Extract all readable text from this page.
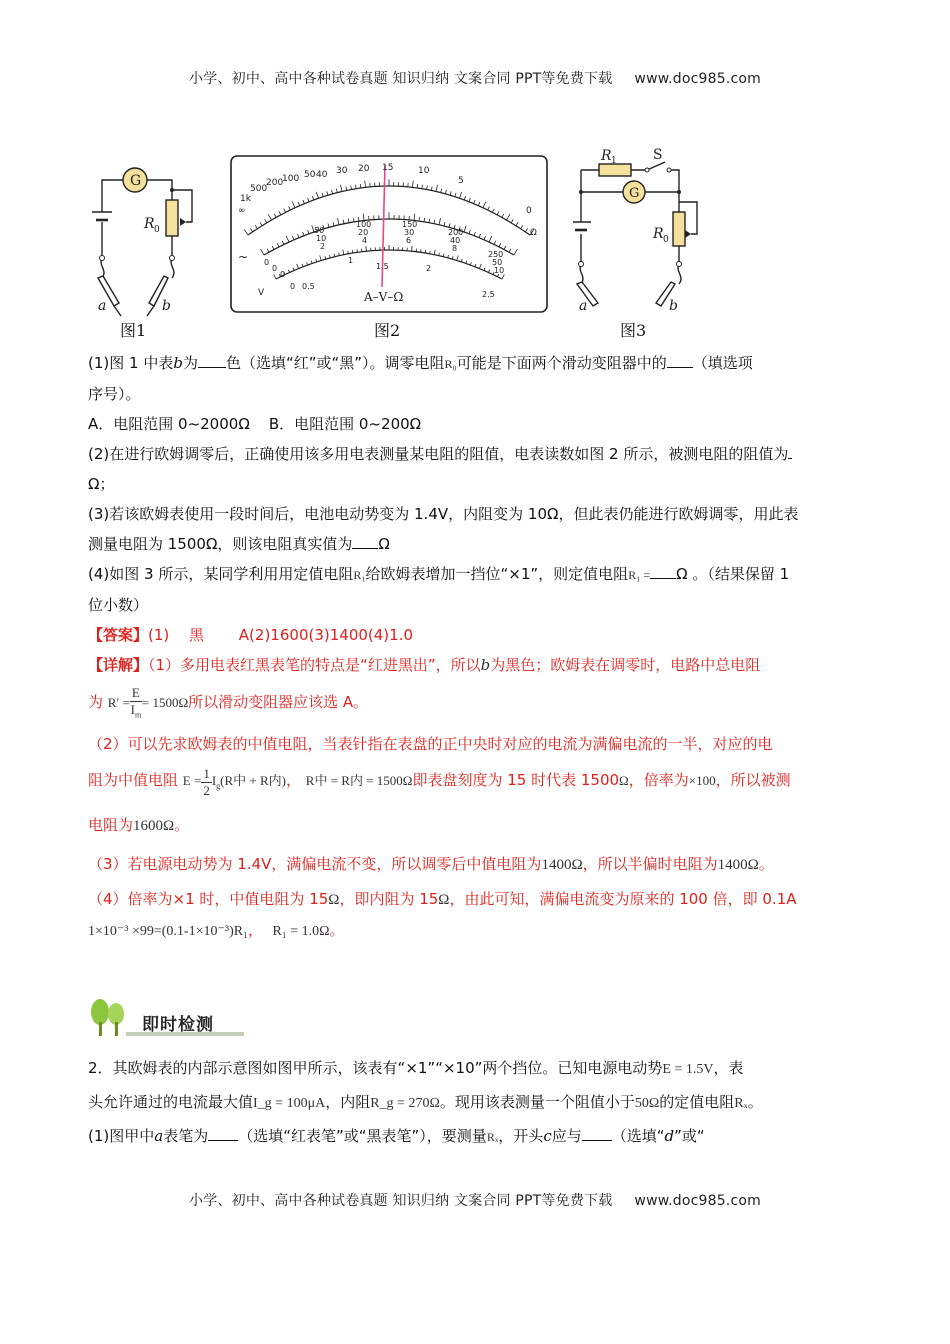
小学、初中、高中各种试卷真题 知识归纳 文案合同 PPT等免费下载 www.doc985.com
G
R 0
a	b
图1
1k
500
200
100 50 40 30 20 15	10
5
0
∞
Ω
0
50
100	150
200
250
0
10
20	30
40
50
0
2
4	6
8
10
0 0.5
1
1.5	2
2.5
~
V	A–V–Ω
图2
G
R 1	S
R 0
a	b
图3

(1)图 1 中表b为 色（选填“红”或“黑”）。调零电阻R₀可能是下面两个滑动变阻器中的 （填选项

序号）。

A．电阻范围 0~2000Ω B．电阻范围 0~200Ω

(2)在进行欧姆调零后，正确使用该多用电表测量某电阻的阻值，电表读数如图 2 所示，被测电阻的阻值为

Ω；

(3)若该欧姆表使用一段时间后，电池电动势变为 1.4V，内阻变为 10Ω，但此表仍能进行欧姆调零，用此表

测量电阻为 1500Ω，则该电阻真实值为 Ω

(4)如图 3 所示，某同学利用用定值电阻R₁给欧姆表增加一挡位“×1”，则定值电阻R₁ = Ω 。（结果保留 1

位小数）

【答案】(1)　 黑　　 A(2)1600(3)1400(4)1.0

【详解】（1）多用电表红黑表笔的特点是“红进黑出”，所以b为黑色；欧姆表在调零时，电路中总电阻

为 $R' = \frac{E}{I_m} = 1500\Omega$所以滑动变阻器应该选 A。

（2）可以先求欧姆表的中值电阻，当表针指在表盘的正中央时对应的电流为满偏电流的一半，对应的电

阻为中值电阻 $E = \frac{1}{2} I_g(R$中 + R内)， R中 = R内 = 1500Ω即表盘刻度为 15 时代表 1500Ω，倍率为×100，所以被测

电阻为1600Ω。

（3）若电源电动势为 1.4V，满偏电流不变，所以调零后中值电阻为1400Ω，所以半偏时电阻为1400Ω。

（4）倍率为×1 时，中值电阻为 15Ω，即内阻为 15Ω，由此可知，满偏电流变为原来的 100 倍，即 0.1A

1×10⁻³ ×99=(0.1-1×10⁻³)R₁，  R₁ = 1.0Ω。

即时检测

2．其欧姆表的内部示意图如图甲所示，该表有“×1”“×10”两个挡位。已知电源电动势E = 1.5V，表

头允许通过的电流最大值I_g = 100μA，内阻R_g = 270Ω。现用该表测量一个阻值小于50Ω的定值电阻Rₓ。

(1)图甲中a表笔为 （选填“红表笔”或“黑表笔”），要测量Rₓ，开头c应与 （选填“d”或“

小学、初中、高中各种试卷真题 知识归纳 文案合同 PPT等免费下载 www.doc985.com
